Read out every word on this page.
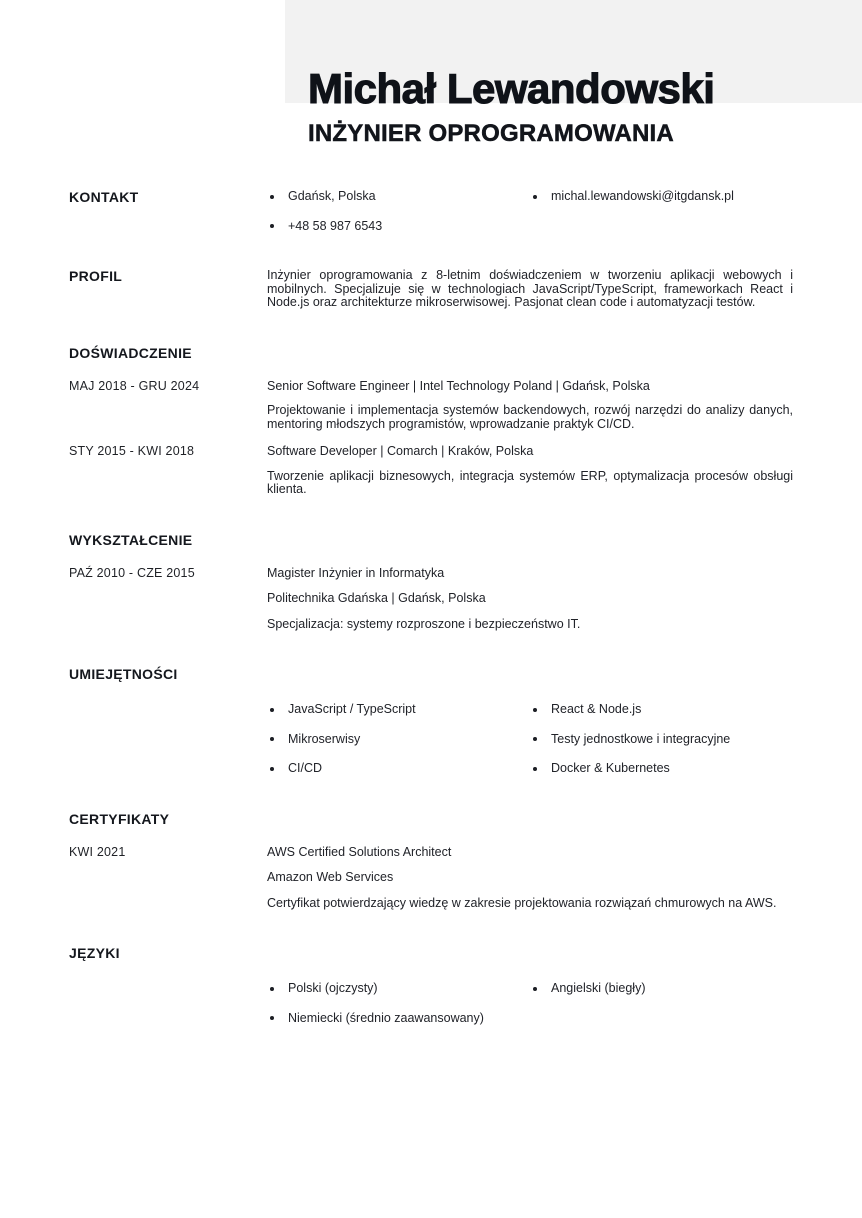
Michał Lewandowski
INŻYNIER OPROGRAMOWANIA
KONTAKT	Gdańsk, Polska
+48 58 987 6543
michal.lewandowski@itgdansk.pl
PROFIL	Inżynier oprogramowania z 8-letnim doświadczeniem w tworzeniu aplikacji webowych i mobilnych. Specjalizuje się w technologiach JavaScript/TypeScript, frameworkach React i Node.js oraz architekturze mikroserwisowej. Pasjonat clean code i automatyzacji testów.

DOŚWIADCZENIE
MAJ 2018 - GRU 2024	Senior Software Engineer | Intel Technology Poland | Gdańsk, Polska

Projektowanie i implementacja systemów backendowych, rozwój narzędzi do analizy danych, mentoring młodszych programistów, wprowadzanie praktyk CI/CD.

STY 2015 - KWI 2018	Software Developer | Comarch | Kraków, Polska

Tworzenie aplikacji biznesowych, integracja systemów ERP, optymalizacja procesów obsługi klienta.

WYKSZTAŁCENIE
PAŹ 2010 - CZE 2015	Magister Inżynier in Informatyka
Politechnika Gdańska | Gdańsk, Polska
Specjalizacja: systemy rozproszone i bezpieczeństwo IT.
UMIEJĘTNOŚCI
JavaScript / TypeScript
Mikroserwisy
CI/CD
React & Node.js
Testy jednostkowe i integracyjne
Docker & Kubernetes
CERTYFIKATY
KWI 2021	AWS Certified Solutions Architect
Amazon Web Services
Certyfikat potwierdzający wiedzę w zakresie projektowania rozwiązań chmurowych na AWS.
JĘZYKI
Polski (ojczysty)
Niemiecki (średnio zaawansowany)
Angielski (biegły)
